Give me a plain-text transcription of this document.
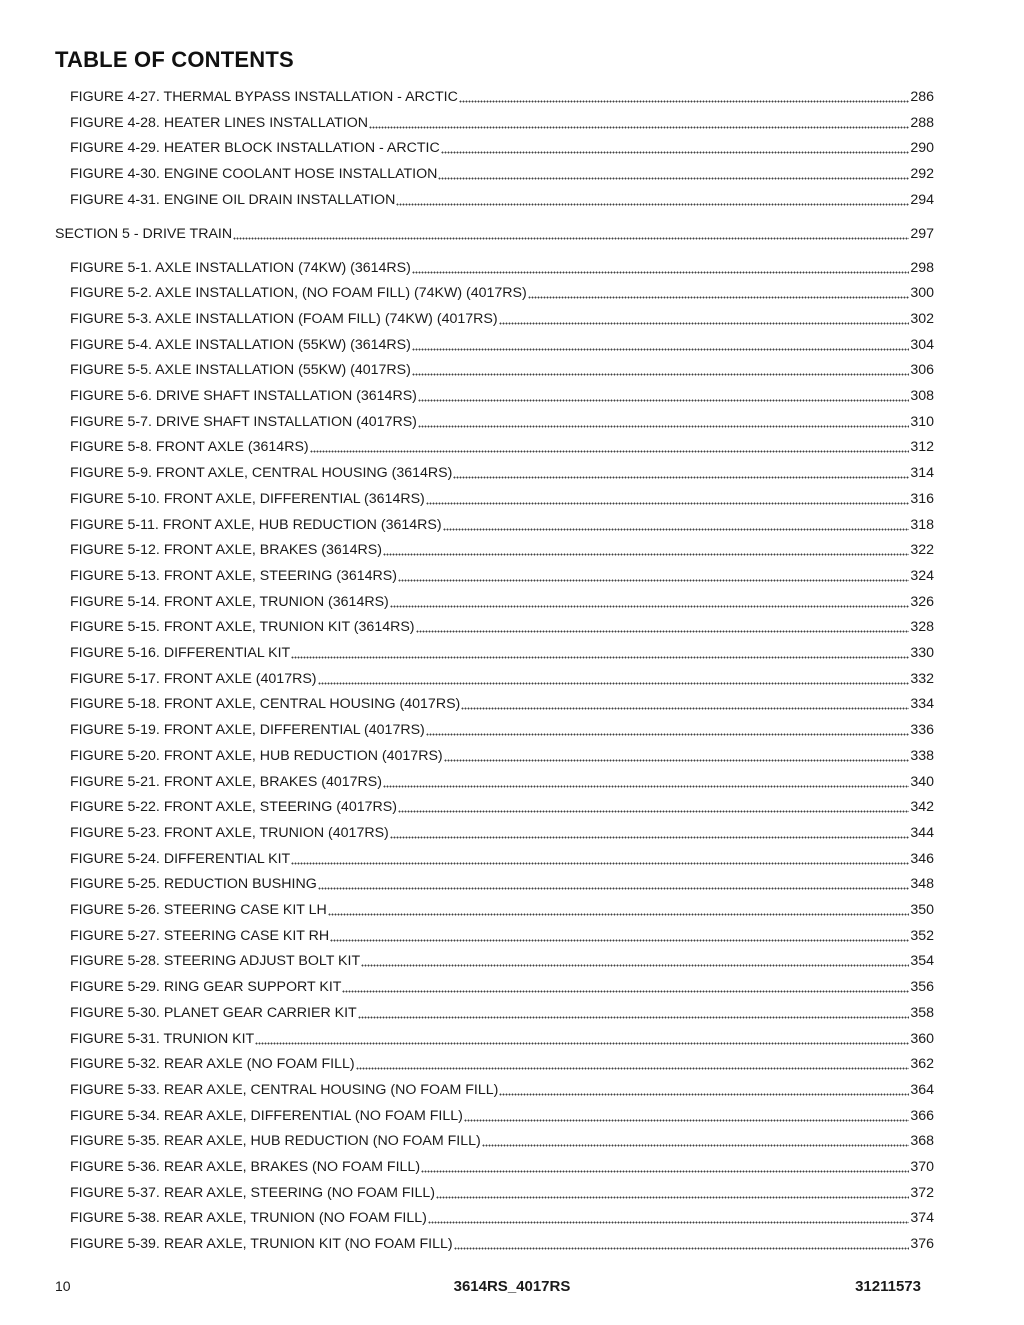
TABLE OF CONTENTS
FIGURE 4-27. THERMAL BYPASS INSTALLATION - ARCTIC	286
FIGURE 4-28. HEATER LINES INSTALLATION	288
FIGURE 4-29. HEATER BLOCK INSTALLATION - ARCTIC	290
FIGURE 4-30. ENGINE COOLANT HOSE INSTALLATION	292
FIGURE 4-31. ENGINE OIL DRAIN INSTALLATION	294
SECTION 5 - DRIVE TRAIN	297
FIGURE 5-1. AXLE INSTALLATION (74KW) (3614RS)	298
FIGURE 5-2. AXLE INSTALLATION, (NO FOAM FILL) (74KW) (4017RS)	300
FIGURE 5-3. AXLE INSTALLATION (FOAM FILL) (74KW) (4017RS)	302
FIGURE 5-4. AXLE INSTALLATION (55KW) (3614RS)	304
FIGURE 5-5. AXLE INSTALLATION (55KW) (4017RS)	306
FIGURE 5-6. DRIVE SHAFT INSTALLATION (3614RS)	308
FIGURE 5-7. DRIVE SHAFT INSTALLATION (4017RS)	310
FIGURE 5-8. FRONT AXLE (3614RS)	312
FIGURE 5-9. FRONT AXLE, CENTRAL HOUSING (3614RS)	314
FIGURE 5-10. FRONT AXLE, DIFFERENTIAL (3614RS)	316
FIGURE 5-11. FRONT AXLE, HUB REDUCTION (3614RS)	318
FIGURE 5-12. FRONT AXLE, BRAKES (3614RS)	322
FIGURE 5-13. FRONT AXLE, STEERING (3614RS)	324
FIGURE 5-14. FRONT AXLE, TRUNION (3614RS)	326
FIGURE 5-15. FRONT AXLE, TRUNION KIT (3614RS)	328
FIGURE 5-16. DIFFERENTIAL KIT	330
FIGURE 5-17. FRONT AXLE (4017RS)	332
FIGURE 5-18. FRONT AXLE, CENTRAL HOUSING (4017RS)	334
FIGURE 5-19. FRONT AXLE, DIFFERENTIAL (4017RS)	336
FIGURE 5-20. FRONT AXLE, HUB REDUCTION (4017RS)	338
FIGURE 5-21. FRONT AXLE, BRAKES (4017RS)	340
FIGURE 5-22. FRONT AXLE, STEERING (4017RS)	342
FIGURE 5-23. FRONT AXLE, TRUNION (4017RS)	344
FIGURE 5-24. DIFFERENTIAL KIT	346
FIGURE 5-25. REDUCTION BUSHING	348
FIGURE 5-26. STEERING CASE KIT LH	350
FIGURE 5-27. STEERING CASE KIT RH	352
FIGURE 5-28. STEERING ADJUST BOLT KIT	354
FIGURE 5-29. RING GEAR SUPPORT KIT	356
FIGURE 5-30. PLANET GEAR CARRIER KIT	358
FIGURE 5-31. TRUNION KIT	360
FIGURE 5-32. REAR AXLE (NO FOAM FILL)	362
FIGURE 5-33. REAR AXLE, CENTRAL HOUSING (NO FOAM FILL)	364
FIGURE 5-34. REAR AXLE, DIFFERENTIAL (NO FOAM FILL)	366
FIGURE 5-35. REAR AXLE, HUB REDUCTION (NO FOAM FILL)	368
FIGURE 5-36. REAR AXLE, BRAKES (NO FOAM FILL)	370
FIGURE 5-37. REAR AXLE, STEERING (NO FOAM FILL)	372
FIGURE 5-38. REAR AXLE, TRUNION (NO FOAM FILL)	374
FIGURE 5-39. REAR AXLE, TRUNION KIT (NO FOAM FILL)	376
10	3614RS_4017RS	31211573
